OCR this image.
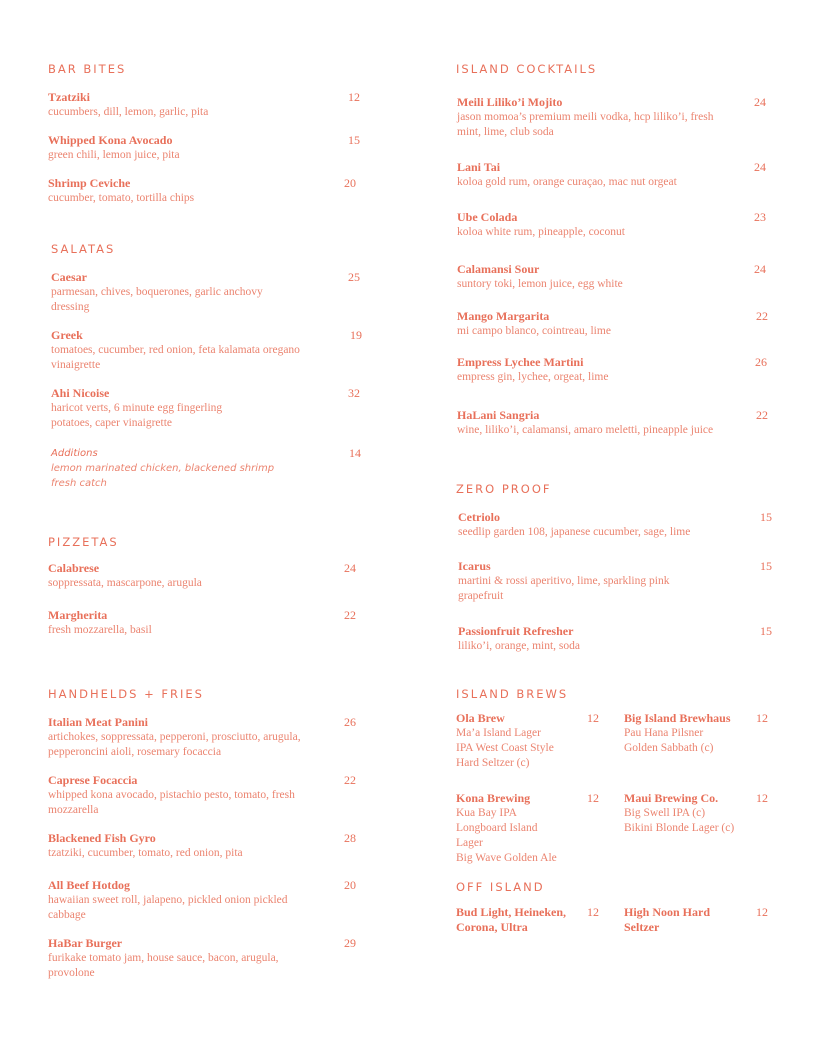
BAR BITES
Tzatziki
cucumbers, dill, lemon, garlic, pita
12
Whipped Kona Avocado
green chili, lemon juice, pita
15
Shrimp Ceviche
cucumber, tomato, tortilla chips
20
SALATAS
Caesar
parmesan, chives, boquerones, garlic anchovy dressing
25
Greek
tomatoes, cucumber, red onion, feta kalamata oregano vinaigrette
19
Ahi Nicoise
haricot verts, 6 minute egg fingerling potatoes, caper vinaigrette
32
Additions
lemon marinated chicken, blackened shrimp fresh catch
14
PIZZETAS
Calabrese
soppressata, mascarpone, arugula
24
Margherita
fresh mozzarella, basil
22
HANDHELDS + FRIES
Italian Meat Panini
artichokes, soppressata, pepperoni, prosciutto, arugula, pepperoncini aioli, rosemary focaccia
26
Caprese Focaccia
whipped kona avocado, pistachio pesto, tomato, fresh mozzarella
22
Blackened Fish Gyro
tzatziki, cucumber, tomato, red onion, pita
28
All Beef Hotdog
hawaiian sweet roll, jalapeno, pickled onion pickled cabbage
20
HaBar Burger
furikake tomato jam, house sauce, bacon, arugula, provolone
29
ISLAND COCKTAILS
Meili Liliko’i Mojito
jason momoa’s premium meili vodka, hcp liliko’i, fresh mint, lime, club soda
24
Lani Tai
koloa gold rum, orange curaçao, mac nut orgeat
24
Ube Colada
koloa white rum, pineapple, coconut
23
Calamansi Sour
suntory toki, lemon juice, egg white
24
Mango Margarita
mi campo blanco, cointreau, lime
22
Empress Lychee Martini
empress gin, lychee, orgeat, lime
26
HaLani Sangria
wine, liliko’i, calamansi, amaro meletti, pineapple juice
22
ZERO PROOF
Cetriolo
seedlip garden 108, japanese cucumber, sage, lime
15
Icarus
martini & rossi aperitivo, lime, sparkling pink grapefruit
15
Passionfruit Refresher
liliko’i, orange, mint, soda
15
ISLAND BREWS
Ola Brew
Ma’a Island Lager
IPA West Coast Style
Hard Seltzer (c)
12 Big Island Brewhaus
Pau Hana Pilsner
Golden Sabbath (c)
12
Kona Brewing
Kua Bay IPA
Longboard Island Lager
Big Wave Golden Ale
12 Maui Brewing Co.
Big Swell IPA (c)
Bikini Blonde Lager (c)
12
OFF ISLAND
Bud Light, Heineken, Corona, Ultra
12 High Noon Hard Seltzer
12
